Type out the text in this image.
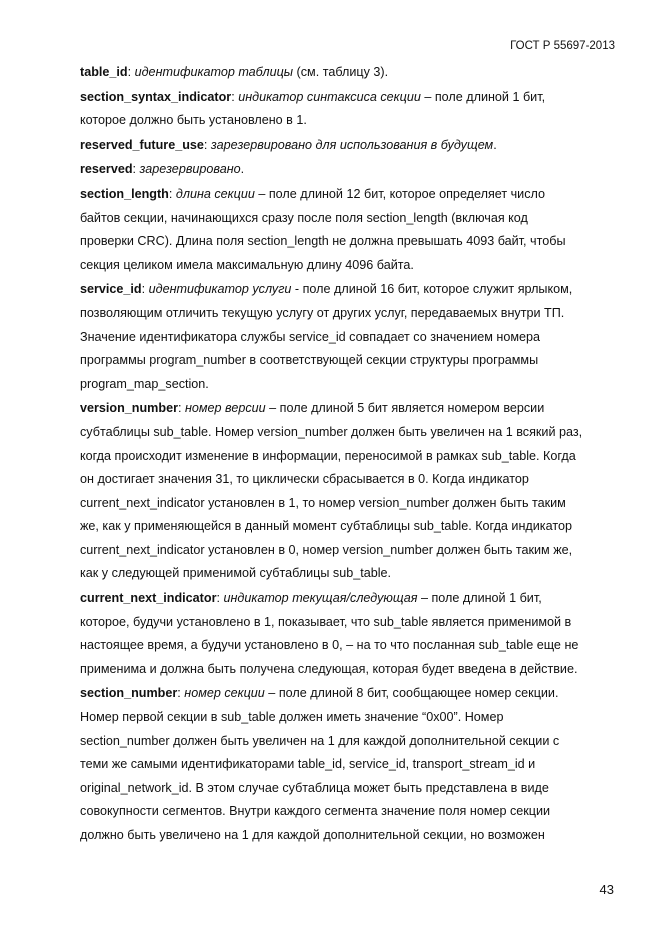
ГОСТ Р 55697-2013
table_id: идентификатор таблицы (см. таблицу 3).
section_syntax_indicator: индикатор синтаксиса секции – поле длиной 1 бит,
которое должно быть установлено в 1.
reserved_future_use: зарезервировано для использования в будущем.
reserved: зарезервировано.
section_length: длина секции – поле длиной 12 бит, которое определяет число
байтов секции, начинающихся сразу после поля section_length (включая код
проверки CRC). Длина поля section_length не должна превышать 4093 байт, чтобы
секция целиком имела максимальную длину 4096 байта.
service_id: идентификатор услуги - поле длиной 16 бит, которое служит ярлыком,
позволяющим отличить текущую услугу от других услуг, передаваемых внутри ТП.
Значение идентификатора службы service_id совпадает со значением номера
программы program_number в соответствующей секции структуры программы
program_map_section.
version_number: номер версии – поле длиной 5 бит является номером версии
субтаблицы sub_table. Номер version_number должен быть увеличен на 1 всякий раз,
когда происходит изменение в информации, переносимой в рамках sub_table. Когда
он достигает значения 31, то циклически сбрасывается в 0. Когда индикатор
current_next_indicator установлен в 1, то номер version_number должен быть таким
же, как у применяющейся в данный момент субтаблицы sub_table. Когда индикатор
current_next_indicator установлен в 0, номер version_number должен быть таким же,
как у следующей применимой субтаблицы sub_table.
current_next_indicator: индикатор текущая/следующая – поле длиной 1 бит,
которое, будучи установлено в 1, показывает, что sub_table является применимой в
настоящее время, а будучи установлено в 0, – на то что посланная sub_table еще не
применима и должна быть получена следующая, которая будет введена в действие.
section_number: номер секции – поле длиной 8 бит, сообщающее номер секции.
Номер первой секции в sub_table должен иметь значение “0x00”. Номер
section_number должен быть увеличен на 1 для каждой дополнительной секции с
теми же самыми идентификаторами table_id, service_id, transport_stream_id и
original_network_id. В этом случае субтаблица может быть представлена в виде
совокупности сегментов. Внутри каждого сегмента значение поля номер секции
должно быть увеличено на 1 для каждой дополнительной секции, но возможен
43
